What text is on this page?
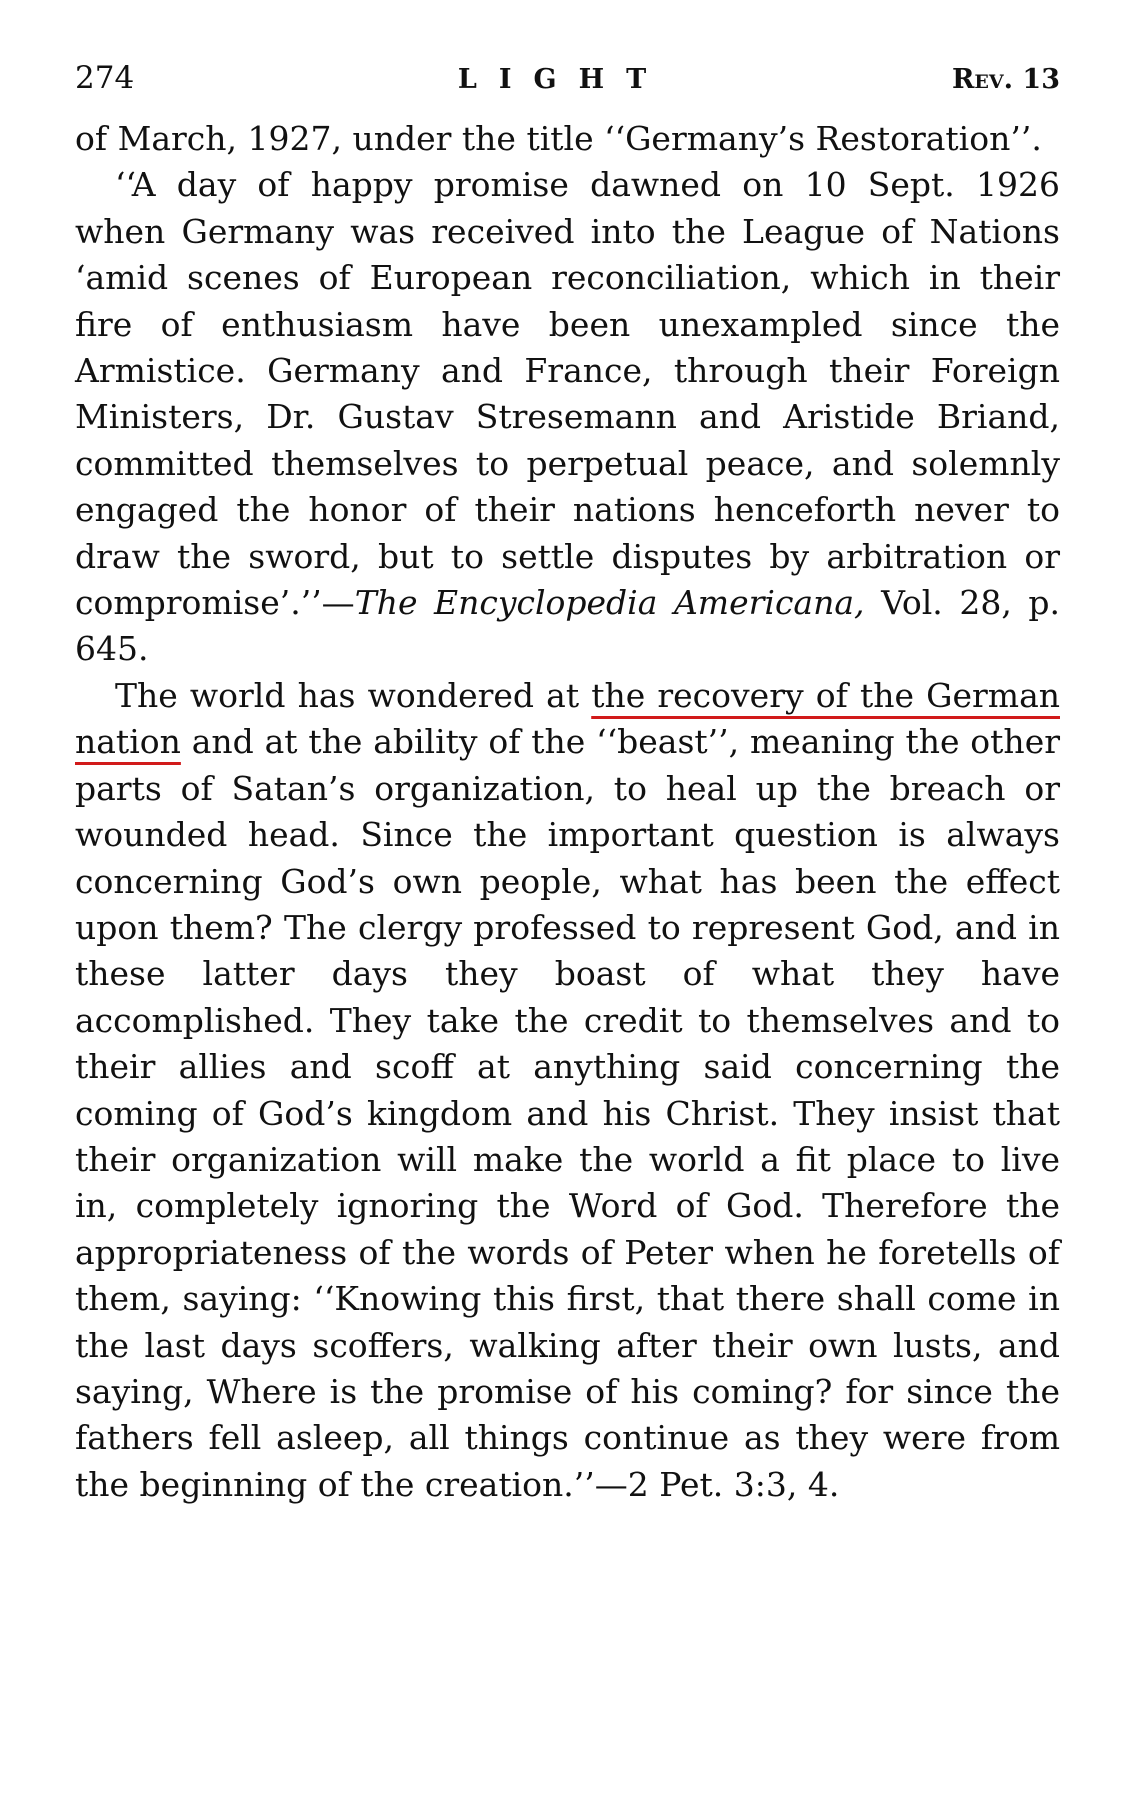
274	LIGHT	Rev. 13

of March, 1927, under the title ‘‘Germany’s Restoration’’.

‘‘A day of happy promise dawned on 10 Sept. 1926 when Germany was received into the League of Nations ‘amid scenes of European reconciliation, which in their fire of enthusiasm have been unexampled since the Armistice. Germany and France, through their Foreign Ministers, Dr. Gustav Stresemann and Aristide Briand, committed themselves to perpetual peace, and solemnly engaged the honor of their nations henceforth never to draw the sword, but to settle disputes by arbitration or compromise’.’’—The Encyclopedia Americana, Vol. 28, p. 645.

The world has wondered at the recovery of the German nation and at the ability of the ‘‘beast’’, meaning the other parts of Satan’s organization, to heal up the breach or wounded head. Since the important question is always concerning God’s own people, what has been the effect upon them? The clergy professed to represent God, and in these latter days they boast of what they have accomplished. They take the credit to themselves and to their allies and scoff at anything said concerning the coming of God’s kingdom and his Christ. They insist that their organization will make the world a fit place to live in, completely ignoring the Word of God. Therefore the appropriateness of the words of Peter when he foretells of them, saying: ‘‘Knowing this first, that there shall come in the last days scoffers, walking after their own lusts, and saying, Where is the promise of his coming? for since the fathers fell asleep, all things continue as they were from the beginning of the creation.’’—2 Pet. 3:3, 4.
